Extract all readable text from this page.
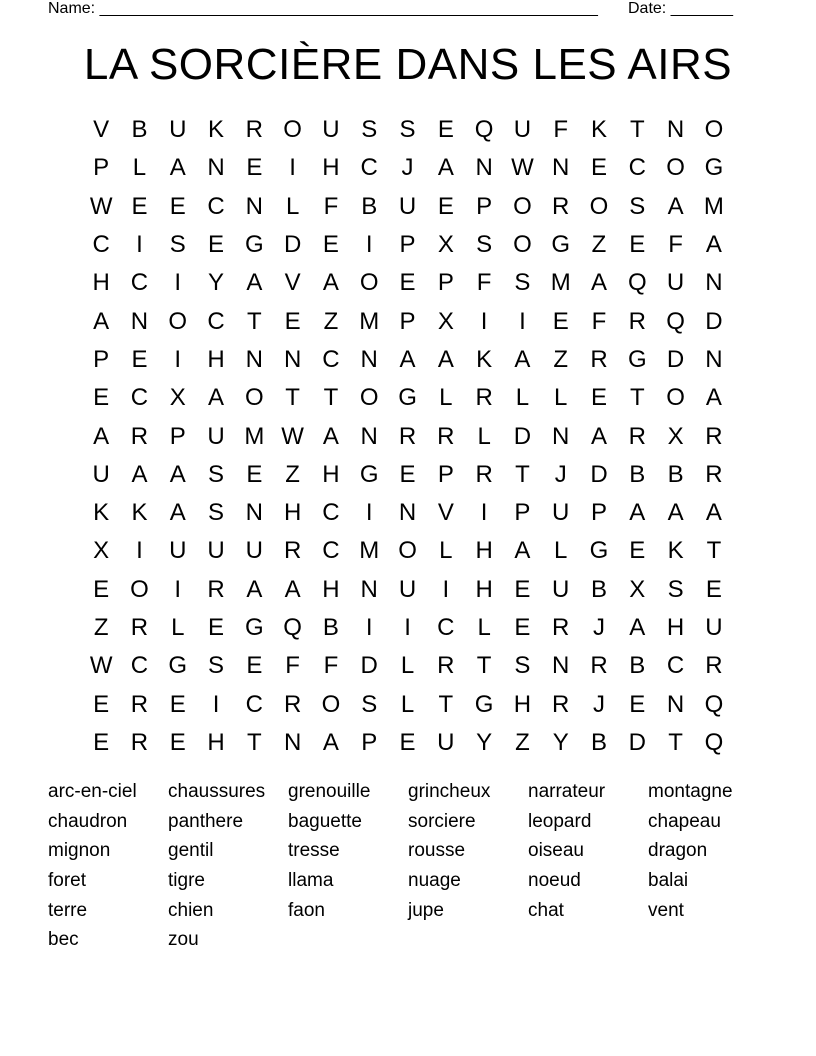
Name: ________________________________________________________ Date: _______
LA SORCIÈRE DANS LES AIRS
V B U K R O U S S E Q U F K T N O
P L A N E	I	H C J	A N W N E C O G
W E E C N L	F B U E P O R O S A M
C	I	S E G D E	I	P X S O G Z E F A
H C	I	Y A V A O E P F S M A Q U N
A N O C T E Z M P X	I	I	E F R Q D
P E	I	H N N C N A A K A Z R G D N
E C X A O T T O G L R L	L E T O A
A R P U M W A N R R L D N A R X R
U A A S E Z H G E P R T	J D B B R
K K A S N H C	I	N V	I	P U P A A A
X	I	U U U R C M O L H A L G E K T
E O	I	R A A H N U	I	H E U B X S E
Z R L E G Q B	I	I	C L E R J	A H U
W C G S E F F D L R T S N R B C R
E R E	I	C R O S L	T G H R J	E N Q
E R E H T N A P E U Y Z Y B D T Q
arc-en-ciel	chaussures	grenouille	grincheux	narrateur	montagne
chaudron	panthere	baguette	sorciere	leopard	chapeau
mignon	gentil	tresse	rousse	oiseau	dragon
foret	tigre	llama	nuage	noeud	balai
terre	chien	faon	jupe	chat	vent
bec	zou
